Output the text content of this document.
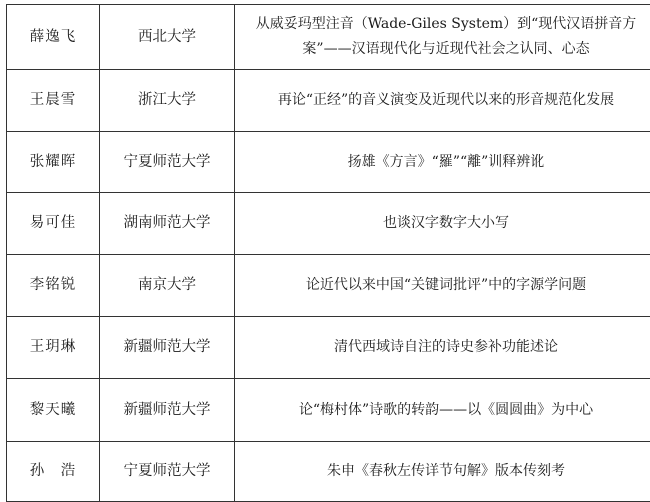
薛逸飞	西北大学	从威妥玛型注音（Wade-Giles System）到“现代汉语拼音方案”——汉语现代化与近现代社会之认同、心态
王晨雪	浙江大学	再论“正经”的音义演变及近现代以来的形音规范化发展
张耀晖	宁夏师范大学	扬雄《方言》“羅”“離”训释辨讹
易可佳	湖南师范大学	也谈汉字数字大小写
李铭锐	南京大学	论近代以来中国“关键词批评”中的字源学问题
王玥琳	新疆师范大学	清代西域诗自注的诗史参补功能述论
黎天曦	新疆师范大学	论“梅村体”诗歌的转韵——以《圆圆曲》为中心
孙　浩	宁夏师范大学	朱申《春秋左传详节句解》版本传刻考
